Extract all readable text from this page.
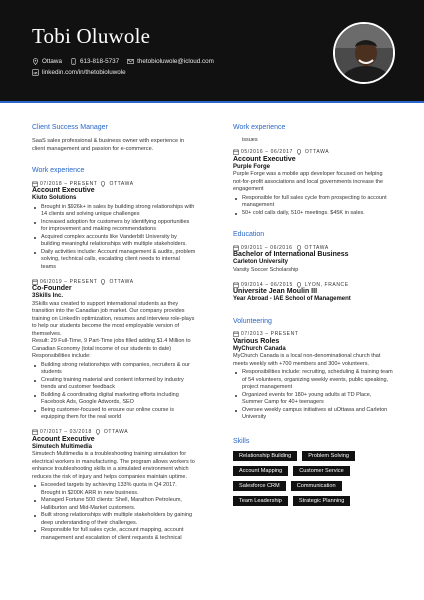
Tobi Oluwole
Ottawa	613-818-5737	thetobioluwole@icloud.com
linkedin.com/in/thetobioluwole
Client Success Manager
SaaS sales professional & business owner with experience in client management and passion for e-commerce.
Work experience
07/2018 – PRESENT OTTAWA
Account Executive
Kiuto Solutions
Brought in $926k+ in sales by building strong relationships with 14 clients and solving unique challenges
Increased adoption for customers by identifying opportunities for improvement and making recommendations
Acquired complex accounts like Vanderbilt University by building meaningful relationships with multiple stakeholders.
Daily activities include: Account management & audits, problem solving, technical calls, escalating client needs to internal teams
06/2019 – PRESENT OTTAWA
Co-Founder
3Skills Inc.
3Skills was created to support international students as they transition into the Canadian job market. Our company provides training on LinkedIn optimization, resumes and interview role-plays to help our students become the most employable version of themselves.
Result: 29 Full-Time, 9 Part-Time jobs filled adding $1.4 Million to Canadian Economy (total income of our students to date)
Responsibilities include:
Building strong relationships with companies, recruiters & our students
Creating training material and content informed by industry trends and customer feedback
Building & coordinating digital marketing efforts including Facebook Ads, Google Adwords, SEO
Being customer-focused to ensure our online course is equipping them for the real world
07/2017 – 03/2018 OTTAWA
Account Executive
Simutech Multimedia
Simutech Multimedia is a troubleshooting training simulation for electrical workers in manufacturing. The program allows workers to enhance troubleshooting skills in a simulated environment which reduces the risk of injury and helps companies maintain uptime.
Exceeded targets by achieving 133% quota in Q4 2017. Brought in $200K ARR in new business.
Managed Fortune 500 clients: Shell, Marathon Petroleum, Halliburton and Mid-Market customers.
Built strong relationships with multiple stakeholders by gaining deep understanding of their challenges.
Responsible for full sales cycle, account mapping, account management and escalation of client requests & technical
Work experience
issues
05/2016 – 06/2017 OTTAWA
Account Executive
Purple Forge
Purple Forge was a mobile app developer focused on helping not-for-profit associations and local governments increase the engagement
Responsible for full sales cycle from prospecting to account management
50+ cold calls daily, 510+ meetings. $45K in sales.
Education
09/2011 – 06/2016 OTTAWA
Bachelor of International Business
Carleton University
Varsity Soccer Scholarship
09/2014 – 06/2015 LYON, FRANCE
Universite Jean Moulin III
Year Abroad - IAE School of Management
Volunteering
07/2013 – PRESENT
Various Roles
MyChurch Canada
MyChurch Canada is a local non-denominational church that meets weekly with +700 members and 300+ volunteers.
Responsibilities include: recruiting, scheduling & training team of 54 volunteers, organizing weekly events, public speaking, project management
Organized events for 180+ young adults at TD Place, Summer Camp for 40+ teenagers
Oversee weekly campus initiatives at uOttawa and Carleton University
Skills
Relationship Building	Problem Solving
Account Mapping	Customer Service
Salesforce CRM	Communication
Team Leadership	Strategic Planning
